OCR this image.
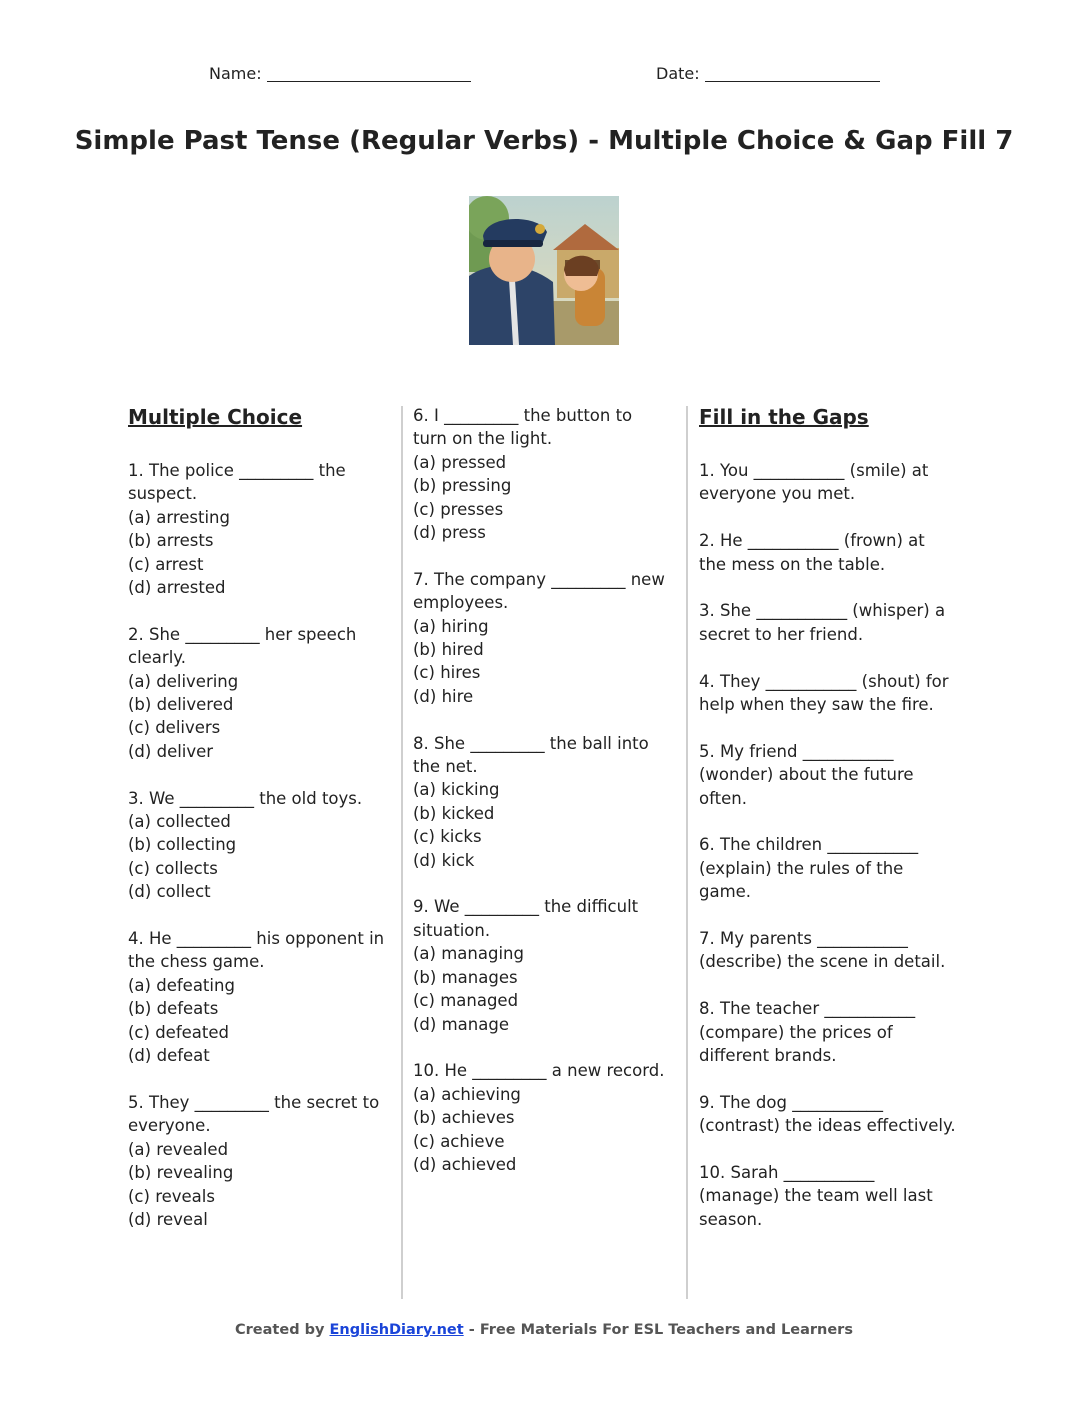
Name:	Date:
Simple Past Tense (Regular Verbs) - Multiple Choice & Gap Fill 7
Multiple Choice
1. The police _________ the suspect.
(a) arresting
(b) arrests
(c) arrest
(d) arrested
2. She _________ her speech clearly.
(a) delivering
(b) delivered
(c) delivers
(d) deliver
3. We _________ the old toys.
(a) collected
(b) collecting
(c) collects
(d) collect
4. He _________ his opponent in the chess game.
(a) defeating
(b) defeats
(c) defeated
(d) defeat
5. They _________ the secret to everyone.
(a) revealed
(b) revealing
(c) reveals
(d) reveal
6. I _________ the button to turn on the light.
(a) pressed
(b) pressing
(c) presses
(d) press
7. The company _________ new employees.
(a) hiring
(b) hired
(c) hires
(d) hire
8. She _________ the ball into the net.
(a) kicking
(b) kicked
(c) kicks
(d) kick
9. We _________ the difficult situation.
(a) managing
(b) manages
(c) managed
(d) manage
10. He _________ a new record.
(a) achieving
(b) achieves
(c) achieve
(d) achieved
Fill in the Gaps
1. You ___________ (smile) at everyone you met.
2. He ___________ (frown) at the mess on the table.
3. She ___________ (whisper) a secret to her friend.
4. They ___________ (shout) for help when they saw the fire.
5. My friend ___________ (wonder) about the future often.
6. The children ___________ (explain) the rules of the game.
7. My parents ___________ (describe) the scene in detail.
8. The teacher ___________ (compare) the prices of different brands.
9. The dog ___________ (contrast) the ideas effectively.
10. Sarah ___________ (manage) the team well last season.
Created by EnglishDiary.net - Free Materials For ESL Teachers and Learners
